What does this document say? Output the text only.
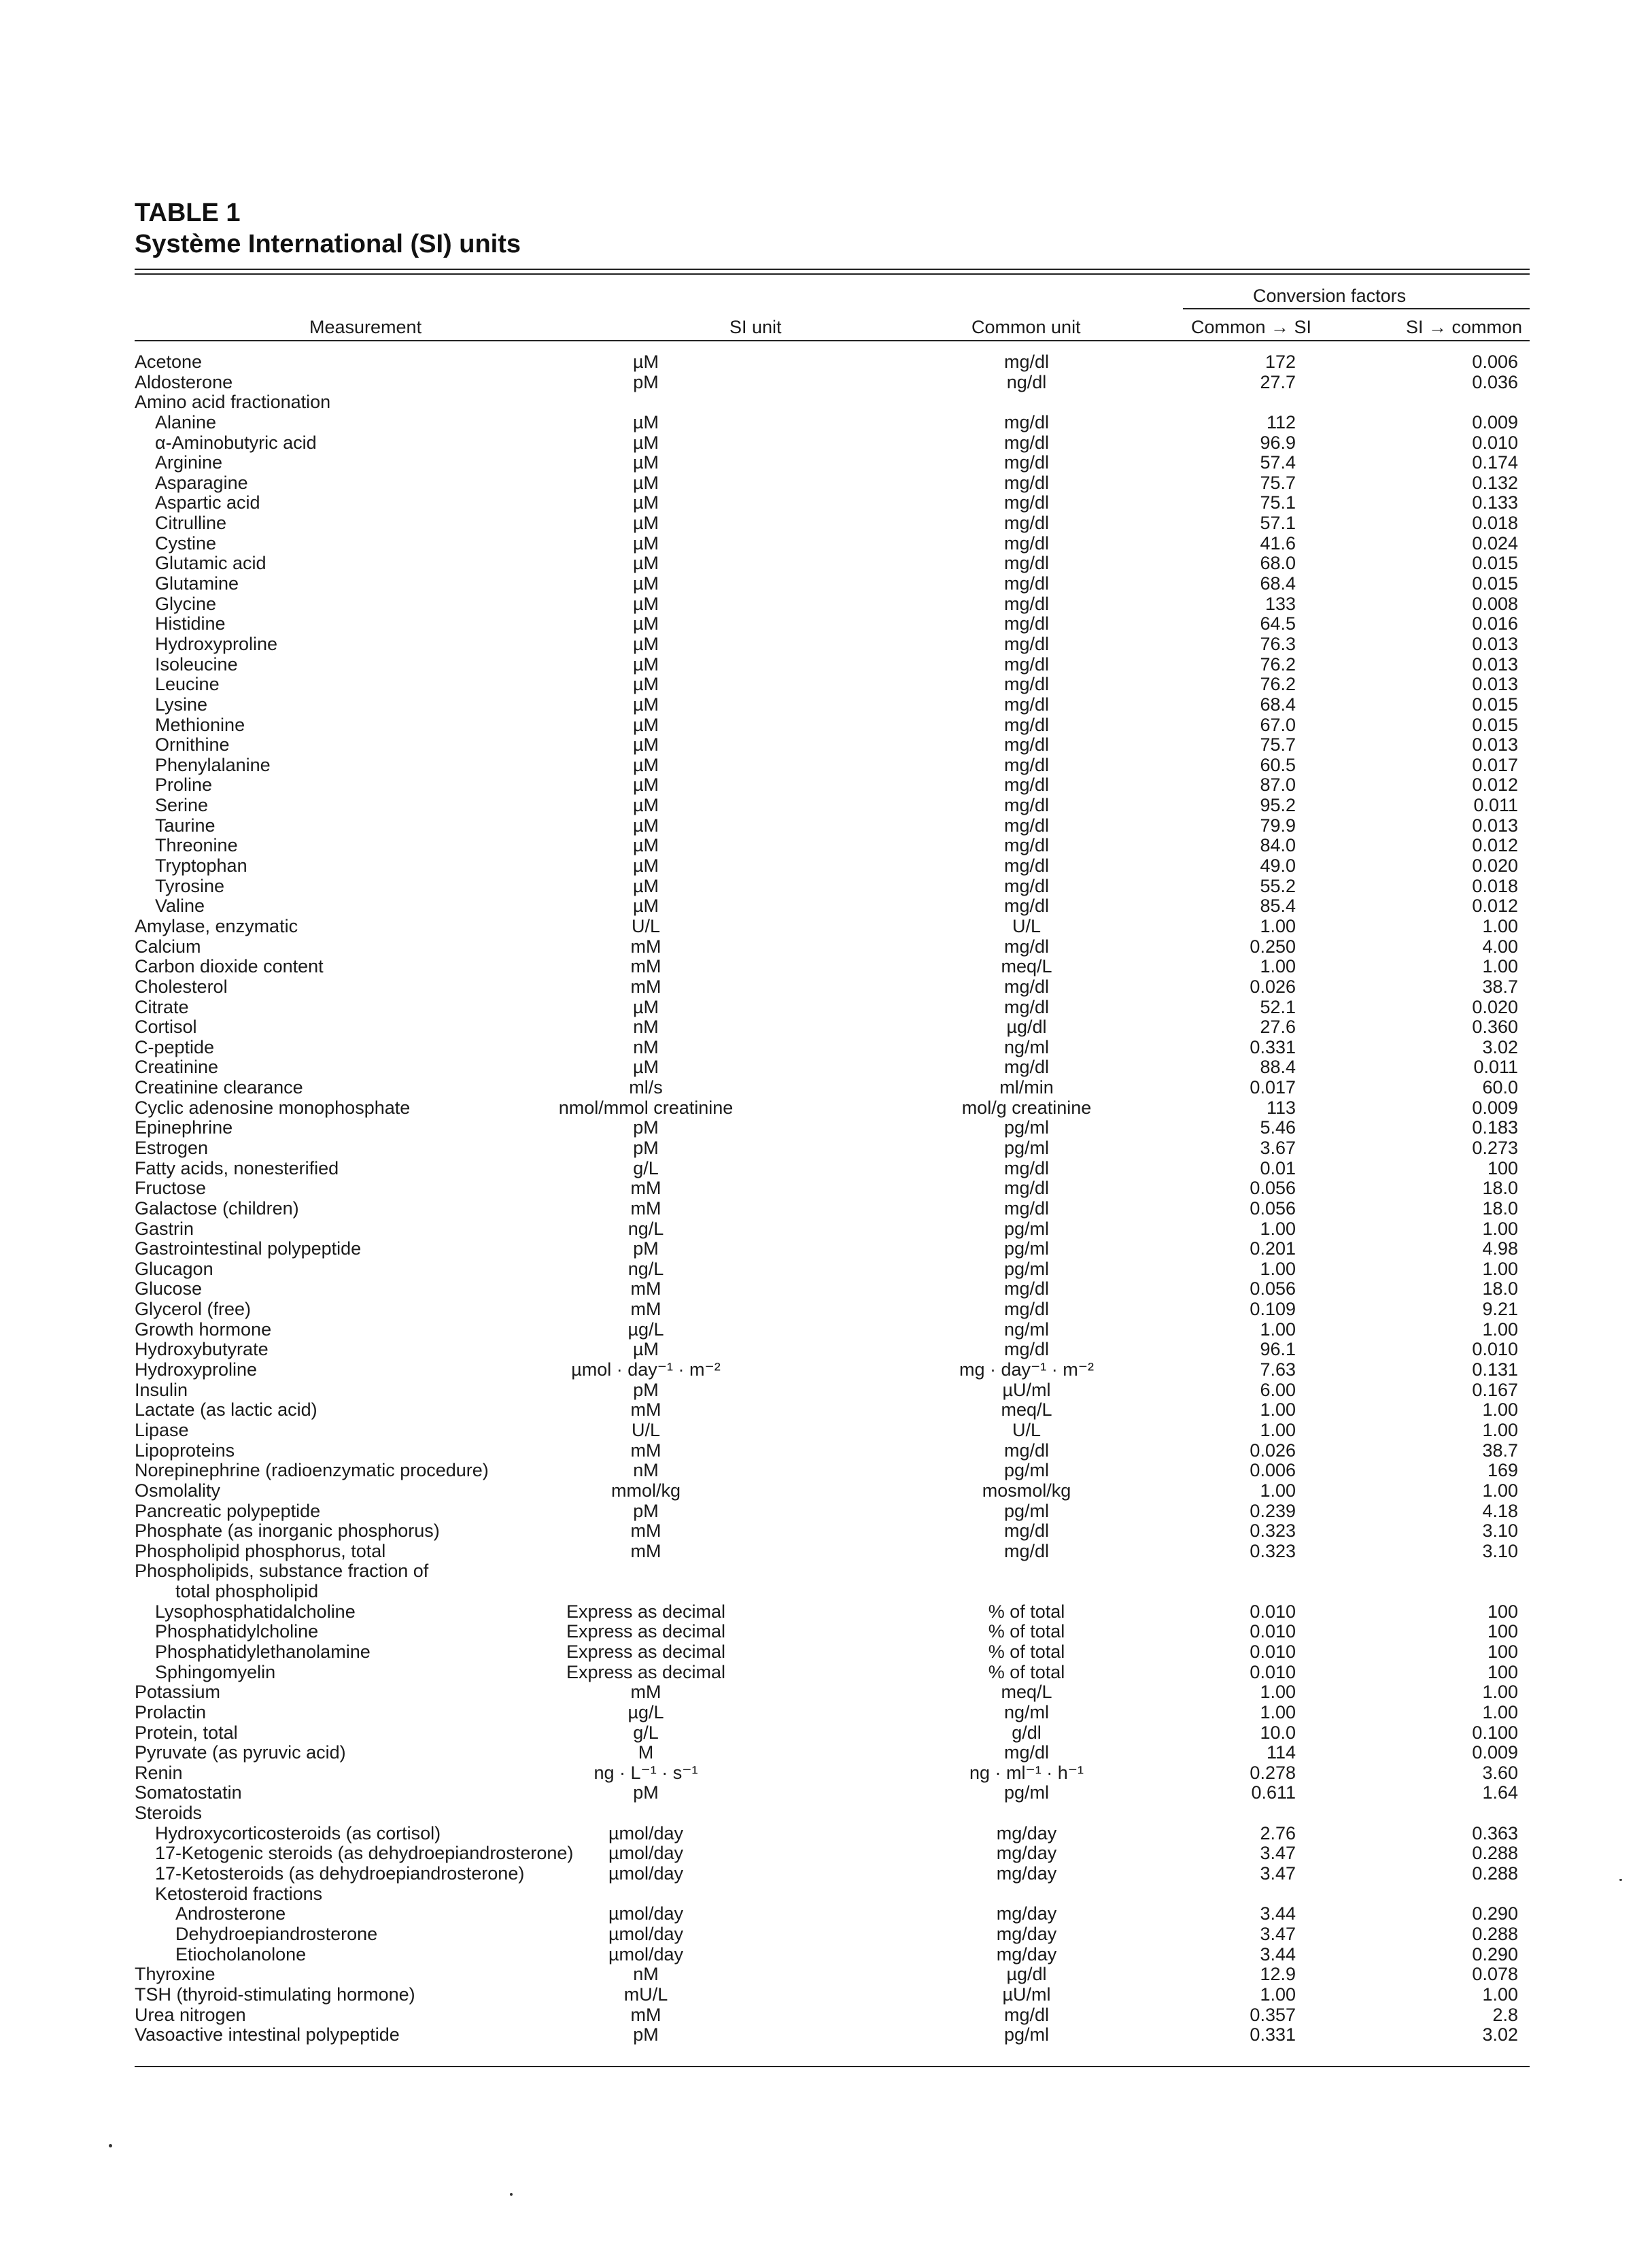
TABLE 1
Système International (SI) units
Conversion factors
Measurement	SI unit	Common unit	Common → SI	SI → common
Acetone	µM	mg/dl	172	0.006
Aldosterone	pM	ng/dl	27.7	0.036
Amino acid fractionation
Alanine	µM	mg/dl	112	0.009
α-Aminobutyric acid	µM	mg/dl	96.9	0.010
Arginine	µM	mg/dl	57.4	0.174
Asparagine	µM	mg/dl	75.7	0.132
Aspartic acid	µM	mg/dl	75.1	0.133
Citrulline	µM	mg/dl	57.1	0.018
Cystine	µM	mg/dl	41.6	0.024
Glutamic acid	µM	mg/dl	68.0	0.015
Glutamine	µM	mg/dl	68.4	0.015
Glycine	µM	mg/dl	133	0.008
Histidine	µM	mg/dl	64.5	0.016
Hydroxyproline	µM	mg/dl	76.3	0.013
Isoleucine	µM	mg/dl	76.2	0.013
Leucine	µM	mg/dl	76.2	0.013
Lysine	µM	mg/dl	68.4	0.015
Methionine	µM	mg/dl	67.0	0.015
Ornithine	µM	mg/dl	75.7	0.013
Phenylalanine	µM	mg/dl	60.5	0.017
Proline	µM	mg/dl	87.0	0.012
Serine	µM	mg/dl	95.2	0.011
Taurine	µM	mg/dl	79.9	0.013
Threonine	µM	mg/dl	84.0	0.012
Tryptophan	µM	mg/dl	49.0	0.020
Tyrosine	µM	mg/dl	55.2	0.018
Valine	µM	mg/dl	85.4	0.012
Amylase, enzymatic	U/L	U/L	1.00	1.00
Calcium	mM	mg/dl	0.250	4.00
Carbon dioxide content	mM	meq/L	1.00	1.00
Cholesterol	mM	mg/dl	0.026	38.7
Citrate	µM	mg/dl	52.1	0.020
Cortisol	nM	µg/dl	27.6	0.360
C-peptide	nM	ng/ml	0.331	3.02
Creatinine	µM	mg/dl	88.4	0.011
Creatinine clearance	ml/s	ml/min	0.017	60.0
Cyclic adenosine monophosphate	nmol/mmol creatinine	mol/g creatinine	113	0.009
Epinephrine	pM	pg/ml	5.46	0.183
Estrogen	pM	pg/ml	3.67	0.273
Fatty acids, nonesterified	g/L	mg/dl	0.01	100
Fructose	mM	mg/dl	0.056	18.0
Galactose (children)	mM	mg/dl	0.056	18.0
Gastrin	ng/L	pg/ml	1.00	1.00
Gastrointestinal polypeptide	pM	pg/ml	0.201	4.98
Glucagon	ng/L	pg/ml	1.00	1.00
Glucose	mM	mg/dl	0.056	18.0
Glycerol (free)	mM	mg/dl	0.109	9.21
Growth hormone	µg/L	ng/ml	1.00	1.00
Hydroxybutyrate	µM	mg/dl	96.1	0.010
Hydroxyproline	µmol · day⁻¹ · m⁻²	mg · day⁻¹ · m⁻²	7.63	0.131
Insulin	pM	µU/ml	6.00	0.167
Lactate (as lactic acid)	mM	meq/L	1.00	1.00
Lipase	U/L	U/L	1.00	1.00
Lipoproteins	mM	mg/dl	0.026	38.7
Norepinephrine (radioenzymatic procedure)	nM	pg/ml	0.006	169
Osmolality	mmol/kg	mosmol/kg	1.00	1.00
Pancreatic polypeptide	pM	pg/ml	0.239	4.18
Phosphate (as inorganic phosphorus)	mM	mg/dl	0.323	3.10
Phospholipid phosphorus, total	mM	mg/dl	0.323	3.10
Phospholipids, substance fraction of
total phospholipid
Lysophosphatidalcholine	Express as decimal	% of total	0.010	100
Phosphatidylcholine	Express as decimal	% of total	0.010	100
Phosphatidylethanolamine	Express as decimal	% of total	0.010	100
Sphingomyelin	Express as decimal	% of total	0.010	100
Potassium	mM	meq/L	1.00	1.00
Prolactin	µg/L	ng/ml	1.00	1.00
Protein, total	g/L	g/dl	10.0	0.100
Pyruvate (as pyruvic acid)	M	mg/dl	114	0.009
Renin	ng · L⁻¹ · s⁻¹	ng · ml⁻¹ · h⁻¹	0.278	3.60
Somatostatin	pM	pg/ml	0.611	1.64
Steroids
Hydroxycorticosteroids (as cortisol)	µmol/day	mg/day	2.76	0.363
17-Ketogenic steroids (as dehydroepiandrosterone)	µmol/day	mg/day	3.47	0.288
17-Ketosteroids (as dehydroepiandrosterone)	µmol/day	mg/day	3.47	0.288
Ketosteroid fractions
Androsterone	µmol/day	mg/day	3.44	0.290
Dehydroepiandrosterone	µmol/day	mg/day	3.47	0.288
Etiocholanolone	µmol/day	mg/day	3.44	0.290
Thyroxine	nM	µg/dl	12.9	0.078
TSH (thyroid-stimulating hormone)	mU/L	µU/ml	1.00	1.00
Urea nitrogen	mM	mg/dl	0.357	2.8
Vasoactive intestinal polypeptide	pM	pg/ml	0.331	3.02
